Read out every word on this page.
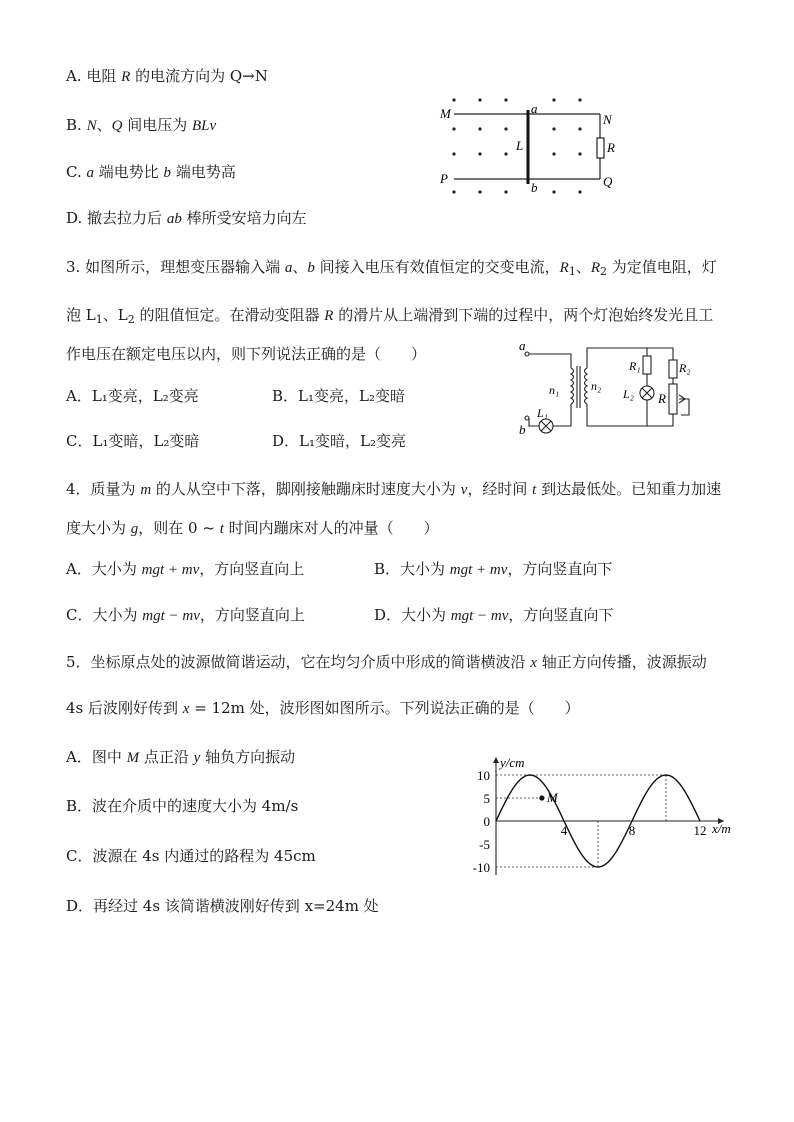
A. 电阻 R 的电流方向为 Q→N
B. N、Q 间电压为 BLv
C. a 端电势比 b 端电势高
D. 撤去拉力后 ab 棒所受安培力向左
M
P
a
b
L
N
Q
R
3. 如图所示，理想变压器输入端 a、b 间接入电压有效值恒定的交变电流，$R_1$、$R_2$ 为定值电阻，灯
泡 $L_1$、$L_2$ 的阻值恒定。在滑动变阻器 R 的滑片从上端滑到下端的过程中，两个灯泡始终发光且工
作电压在额定电压以内，则下列说法正确的是（　　）
A．L₁变亮，L₂变亮	B．L₁变亮，L₂变暗
C．L₁变暗，L₂变暗	D．L₁变暗，L₂变亮
a
b
n₁	n₂
L₁
L₂
R₁	R₂
R
4．质量为 m 的人从空中下落，脚刚接触蹦床时速度大小为 v，经时间 t 到达最低处。已知重力加速
度大小为 g，则在 0 ~ t 时间内蹦床对人的冲量（　　）
A．大小为 mgt + mv，方向竖直向上	B．大小为 mgt + mv，方向竖直向下
C．大小为 mgt − mv，方向竖直向上	D．大小为 mgt − mv，方向竖直向下
5．坐标原点处的波源做简谐运动，它在均匀介质中形成的简谐横波沿 x 轴正方向传播，波源振动
4s 后波刚好传到 x = 12m 处，波形图如图所示。下列说法正确的是（　　）
A．图中 M 点正沿 y 轴负方向振动
B．波在介质中的速度大小为 4m/s
C．波源在 4s 内通过的路程为 45cm
D．再经过 4s 该简谐横波刚好传到 x=24m 处
y/cm
x/m
10
5
0
-5
-10
4	8	12
M
